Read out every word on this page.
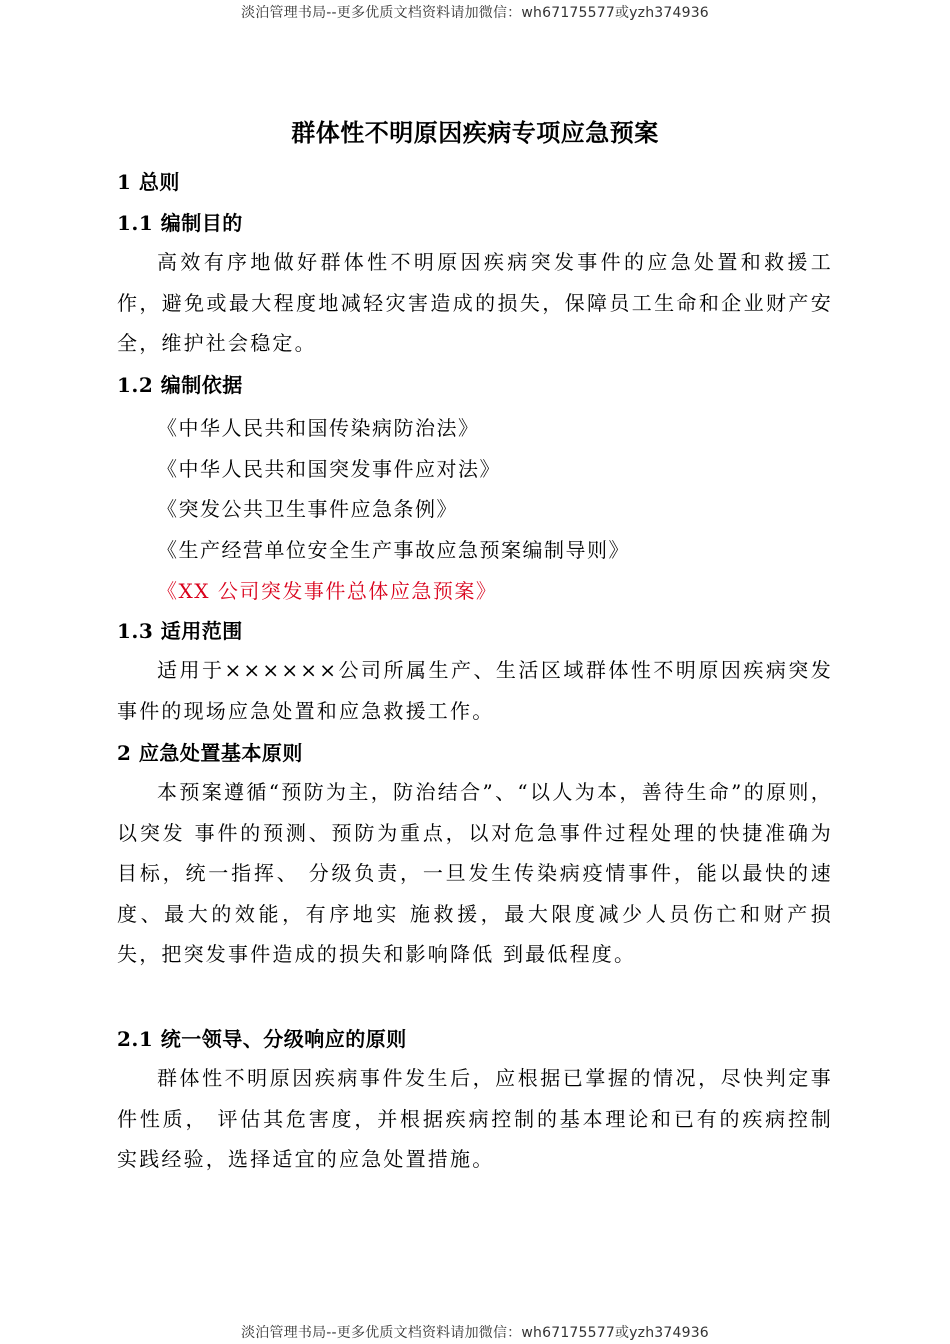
淡泊管理书局--更多优质文档资料请加微信：wh67175577或yzh374936
群体性不明原因疾病专项应急预案
1 总则
1.1 编制目的
高效有序地做好群体性不明原因疾病突发事件的应急处置和救援工作，避免或最大程度地减轻灾害造成的损失，保障员工生命和企业财产安全，维护社会稳定。
1.2 编制依据
《中华人民共和国传染病防治法》
《中华人民共和国突发事件应对法》
《突发公共卫生事件应急条例》
《生产经营单位安全生产事故应急预案编制导则》
《XX 公司突发事件总体应急预案》
1.3 适用范围
适用于××××××公司所属生产、生活区域群体性不明原因疾病突发事件的现场应急处置和应急救援工作。
2 应急处置基本原则
本预案遵循“预防为主，防治结合”、“以人为本，善待生命”的原则，以突发 事件的预测、预防为重点，以对危急事件过程处理的快捷准确为目标，统一指挥、 分级负责，一旦发生传染病疫情事件，能以最快的速度、最大的效能，有序地实 施救援，最大限度减少人员伤亡和财产损失，把突发事件造成的损失和影响降低 到最低程度。
2.1 统一领导、分级响应的原则
群体性不明原因疾病事件发生后，应根据已掌握的情况，尽快判定事件性质， 评估其危害度，并根据疾病控制的基本理论和已有的疾病控制实践经验，选择适宜的应急处置措施。
淡泊管理书局--更多优质文档资料请加微信：wh67175577或yzh374936
